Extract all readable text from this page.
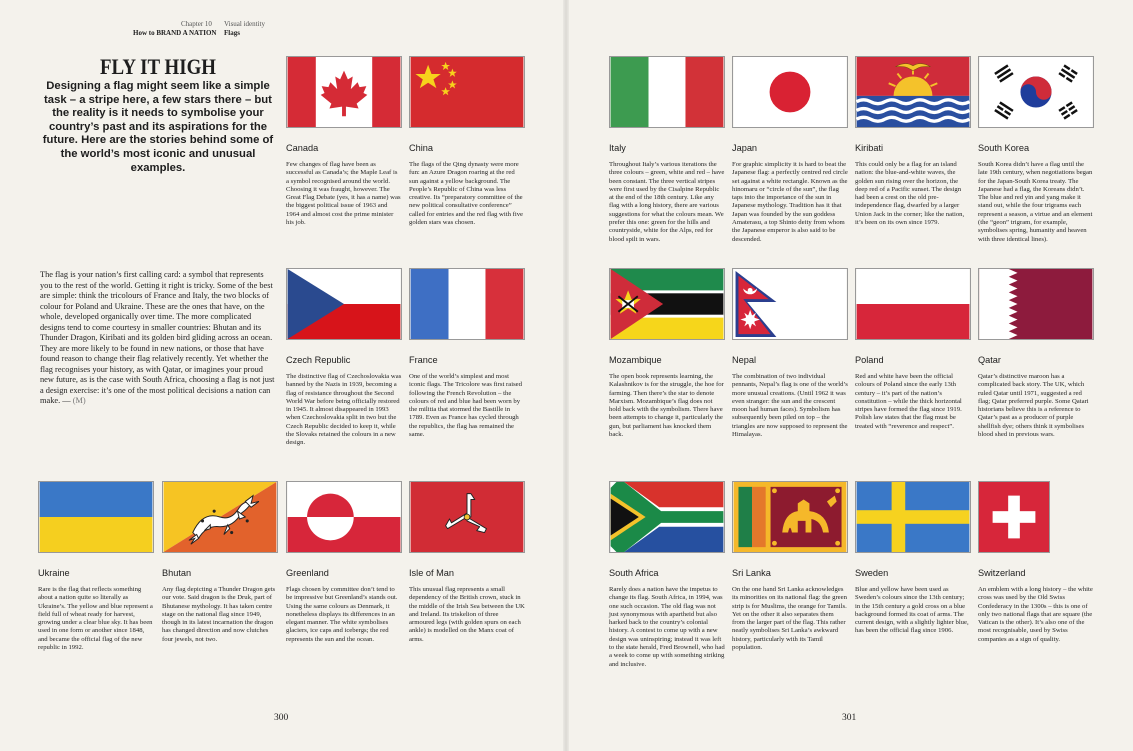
Chapter 10
How to BRAND A NATION
Visual identity
Flags
FLY IT HIGH
Designing a flag might seem like a simple task – a stripe here, a few stars there – but the reality is it needs to symbolise your country’s past and its aspirations for the future. Here are the stories behind some of the world’s most iconic and unusual examples.
The flag is your nation’s first calling card: a symbol that represents you to the rest of the world. Getting it right is tricky. Some of the best are simple: think the tricolours of France and Italy, the two blocks of colour for Poland and Ukraine. These are the ones that have, on the whole, developed organically over time. The more complicated designs tend to come courtesy in smaller countries: Bhutan and its Thunder Dragon, Kiribati and its golden bird gliding across an ocean. They are more likely to be found in new nations, or those that have found reason to change their flag relatively recently. Yet whether the flag recognises your history, as with Qatar, or imagines your proud new future, as is the case with South Africa, choosing a flag is not just a design exercise: it’s one of the most political decisions a nation can make. — (M)
Canada
Few changes of flag have been as successful as Canada’s; the Maple Leaf is a symbol recognised around the world. Choosing it was fraught, however. The Great Flag Debate (yes, it has a name) was the biggest political issue of 1963 and 1964 and almost cost the prime minister his job.
China
The flags of the Qing dynasty were more fun: an Azure Dragon roaring at the red sun against a yellow background. The People’s Republic of China was less creative. Its “preparatory committee of the new political consultative conference” called for entries and the red flag with five golden stars was chosen.
Italy
Throughout Italy’s various iterations the three colours – green, white and red – have been constant. The three vertical stripes were first used by the Cisalpine Republic at the end of the 18th century. Like any flag with a long history, there are various suggestions for what the colours mean. We prefer this one: green for the hills and countryside, white for the Alps, red for blood spilt in wars.
Japan
For graphic simplicity it is hard to beat the Japanese flag: a perfectly centred red circle set against a white rectangle. Known as the hinomaru or “circle of the sun”, the flag taps into the importance of the sun in Japanese mythology. Tradition has it that Japan was founded by the sun goddess Amaterasu, a top Shinto deity from whom the Japanese emperor is also said to be descended.
Kiribati
This could only be a flag for an island nation: the blue-and-white waves, the golden sun rising over the horizon, the deep red of a Pacific sunset. The design had been a crest on the old pre-independence flag, dwarfed by a larger Union Jack in the corner; like the nation, it’s been on its own since 1979.
South Korea
South Korea didn’t have a flag until the late 19th century, when negotiations began for the Japan-South Korea treaty. The Japanese had a flag, the Koreans didn’t. The blue and red yin and yang make it stand out, while the four trigrams each represent a season, a virtue and an element (the “geon” trigram, for example, symbolises spring, humanity and heaven with three identical lines).
Czech Republic
The distinctive flag of Czechoslovakia was banned by the Nazis in 1939, becoming a flag of resistance throughout the Second World War before being officially restored in 1945. It almost disappeared in 1993 when Czechoslovakia split in two but the Czech Republic decided to keep it, while the Slovaks retained the colours in a new design.
France
One of the world’s simplest and most iconic flags. The Tricolore was first raised following the French Revolution – the colours of red and blue had been worn by the militia that stormed the Bastille in 1789. Even as France has cycled through the republics, the flag has remained the same.
Mozambique
The open book represents learning, the Kalashnikov is for the struggle, the hoe for farming. Then there’s the star to denote Marxism. Mozambique’s flag does not hold back with the symbolism. There have been attempts to change it, particularly the gun, but parliament has knocked them back.
Nepal
The combination of two individual pennants, Nepal’s flag is one of the world’s more unusual creations. (Until 1962 it was even stranger: the sun and the crescent moon had human faces). Symbolism has subsequently been piled on top – the triangles are now supposed to represent the Himalayas.
Poland
Red and white have been the official colours of Poland since the early 13th century – it’s part of the nation’s constitution – while the thick horizontal stripes have formed the flag since 1919. Polish law states that the flag must be treated with “reverence and respect”.
Qatar
Qatar’s distinctive maroon has a complicated back story. The UK, which ruled Qatar until 1971, suggested a red flag; Qatar preferred purple. Some Qatari historians believe this is a reference to Qatar’s past as a producer of purple shellfish dye; others think it symbolises blood shed in previous wars.
Ukraine
Rare is the flag that reflects something about a nation quite so literally as Ukraine’s. The yellow and blue represent a field full of wheat ready for harvest, growing under a clear blue sky. It has been used in one form or another since 1848, and became the official flag of the new republic in 1992.
Bhutan
Any flag depicting a Thunder Dragon gets our vote. Said dragon is the Druk, part of Bhutanese mythology. It has taken centre stage on the national flag since 1949, though in its latest incarnation the dragon has changed direction and now clutches four jewels, not two.
Greenland
Flags chosen by committee don’t tend to be impressive but Greenland’s stands out. Using the same colours as Denmark, it nonetheless displays its differences in an elegant manner. The white symbolises glaciers, ice caps and icebergs; the red represents the sun and the ocean.
Isle of Man
This unusual flag represents a small dependency of the British crown, stuck in the middle of the Irish Sea between the UK and Ireland. Its triskelion of three armoured legs (with golden spurs on each ankle) is modelled on the Manx coat of arms.
South Africa
Rarely does a nation have the impetus to change its flag. South Africa, in 1994, was one such occasion. The old flag was not just synonymous with apartheid but also harked back to the country’s colonial history. A contest to come up with a new design was uninspiring; instead it was left to the state herald, Fred Brownell, who had a week to come up with something striking and inclusive.
Sri Lanka
On the one hand Sri Lanka acknowledges its minorities on its national flag: the green strip is for Muslims, the orange for Tamils. Yet on the other it also separates them from the larger part of the flag. This rather neatly symbolises Sri Lanka’s awkward history, particularly with its Tamil population.
Sweden
Blue and yellow have been used as Sweden’s colours since the 13th century; in the 15th century a gold cross on a blue background formed its coat of arms. The current design, with a slightly lighter blue, has been the official flag since 1906.
Switzerland
An emblem with a long history – the white cross was used by the Old Swiss Confederacy in the 1300s – this is one of only two national flags that are square (the Vatican is the other). It’s also one of the most recognisable, used by Swiss companies as a sign of quality.
300	301
